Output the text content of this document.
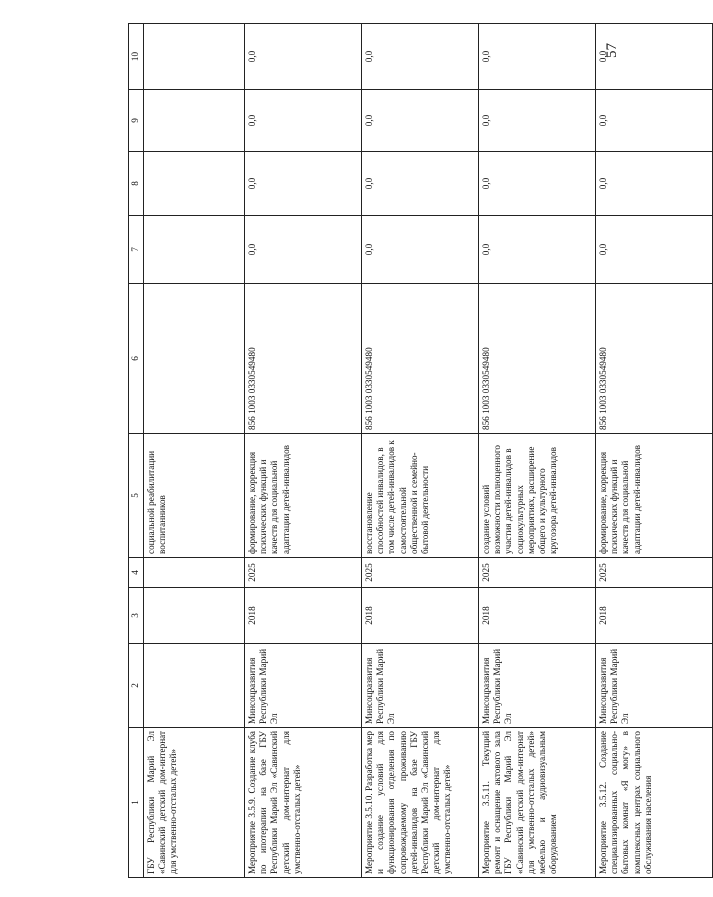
57
1	2	3	4	5	6	7	8	9	10
ГБУ Республики Марий Эл «Савинский детский дом-интернат для умственно-отсталых детей»				социальной реабилитации воспитанников					
Мероприятие 3.5.9. Создание клуба по ипотерапии на базе ГБУ Республики Марий Эл «Савинский детский дом-интернат для умственно-отсталых детей»	Минсоцразвития Республики Марий Эл	2018	2025	формирование, коррекция психических функций и качеств для социальной адаптации детей-инвалидов	856 1003 0330549480	0,0	0,0	0,0	0,0
Мероприятие 3.5.10. Разработка мер и создание условий для функционирования отделения по сопровождаемому проживанию детей-инвалидов на базе ГБУ Республики Марий Эл «Савинский детский дом-интернат для умственно-отсталых детей»	Минсоцразвития Республики Марий Эл	2018	2025	восстановление способностей инвалидов, в том числе детей-инвалидов к самостоятельной общественной и семейно-бытовой деятельности	856 1003 0330549480	0,0	0,0	0,0	0,0
Мероприятие 3.5.11. Текущий ремонт и оснащение актового зала ГБУ Республики Марий Эл «Савинский детский дом-интернат для умственно-отсталых детей» мебелью и аудиовизуальным оборудованием	Минсоцразвития Республики Марий Эл	2018	2025	создание условий возможности полноценного участия детей-инвалидов в социокультурных мероприятиях, расширение общего и культурного кругозора детей-инвалидов	856 1003 0330549480	0,0	0,0	0,0	0,0
Мероприятие 3.5.12. Создание специализированных социально-бытовых комнат «Я могу» в комплексных центрах социального обслуживания населения	Минсоцразвития Республики Марий Эл	2018	2025	формирование, коррекция психических функций и качеств для социальной адаптации детей-инвалидов	856 1003 0330549480	0,0	0,0	0,0	0,0
